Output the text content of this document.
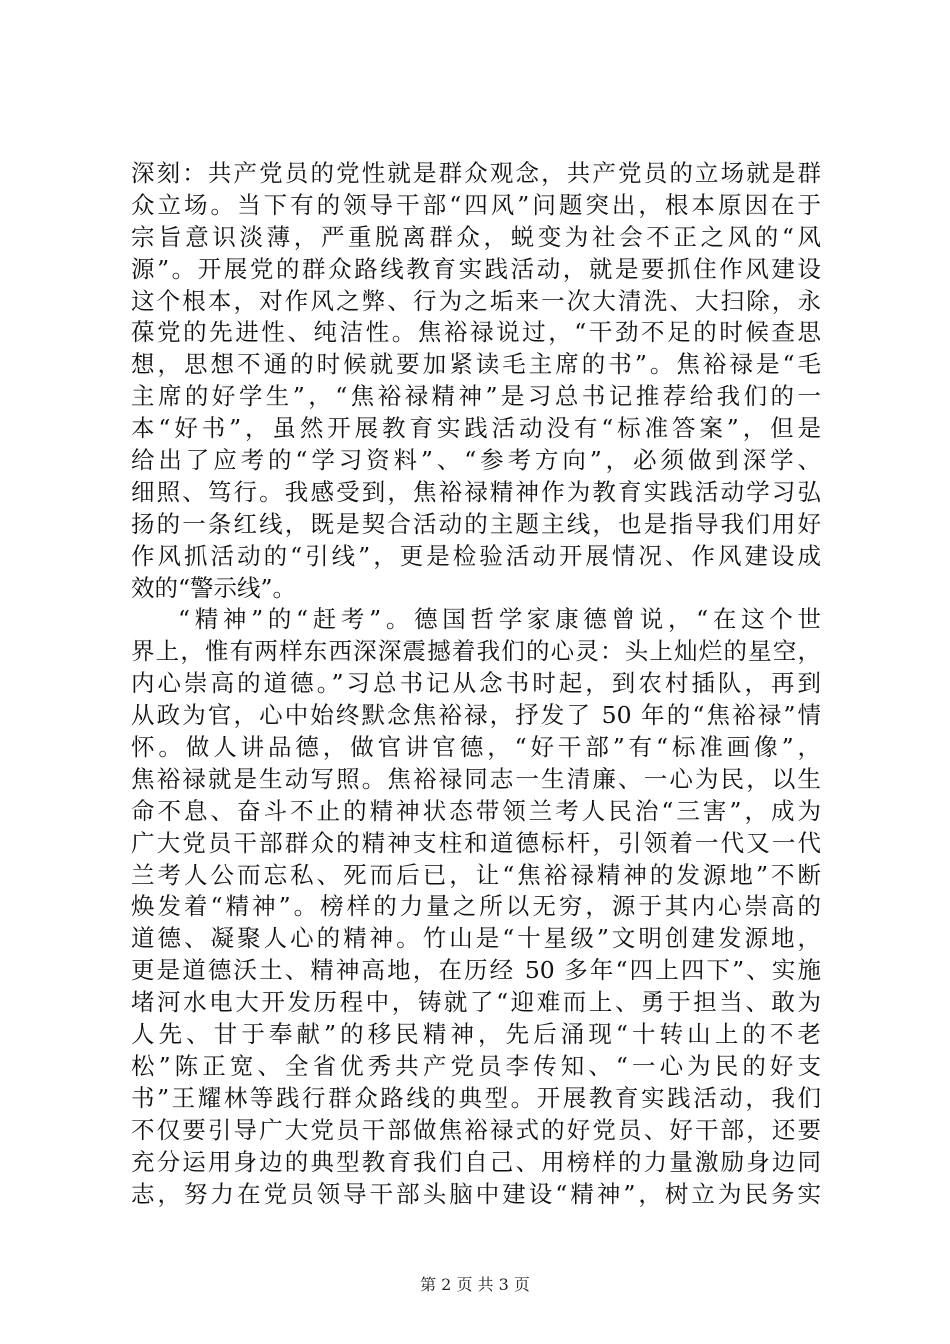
深刻：共产党员的党性就是群众观念，共产党员的立场就是群
众立场。当下有的领导干部“四风”问题突出，根本原因在于
宗旨意识淡薄，严重脱离群众，蜕变为社会不正之风的“风
源”。开展党的群众路线教育实践活动，就是要抓住作风建设
这个根本，对作风之弊、行为之垢来一次大清洗、大扫除，永
葆党的先进性、纯洁性。焦裕禄说过，“干劲不足的时候查思
想，思想不通的时候就要加紧读毛主席的书”。焦裕禄是“毛
主席的好学生”，“焦裕禄精神”是习总书记推荐给我们的一
本“好书”，虽然开展教育实践活动没有“标准答案”，但是
给出了应考的“学习资料”、“参考方向”，必须做到深学、
细照、笃行。我感受到，焦裕禄精神作为教育实践活动学习弘
扬的一条红线，既是契合活动的主题主线，也是指导我们用好
作风抓活动的“引线”，更是检验活动开展情况、作风建设成
效的“警示线”。
“精神”的“赶考”。德国哲学家康德曾说，“在这个世
界上，惟有两样东西深深震撼着我们的心灵：头上灿烂的星空，
内心崇高的道德。”习总书记从念书时起，到农村插队，再到
从政为官，心中始终默念焦裕禄，抒发了 50 年的“焦裕禄”情
怀。做人讲品德，做官讲官德，“好干部”有“标准画像”，
焦裕禄就是生动写照。焦裕禄同志一生清廉、一心为民，以生
命不息、奋斗不止的精神状态带领兰考人民治“三害”，成为
广大党员干部群众的精神支柱和道德标杆，引领着一代又一代
兰考人公而忘私、死而后已，让“焦裕禄精神的发源地”不断
焕发着“精神”。榜样的力量之所以无穷，源于其内心崇高的
道德、凝聚人心的精神。竹山是“十星级”文明创建发源地，
更是道德沃土、精神高地，在历经 50 多年“四上四下”、实施
堵河水电大开发历程中，铸就了“迎难而上、勇于担当、敢为
人先、甘于奉献”的移民精神，先后涌现“十转山上的不老
松”陈正宽、全省优秀共产党员李传知、“一心为民的好支
书”王耀林等践行群众路线的典型。开展教育实践活动，我们
不仅要引导广大党员干部做焦裕禄式的好党员、好干部，还要
充分运用身边的典型教育我们自己、用榜样的力量激励身边同
志，努力在党员领导干部头脑中建设“精神”，树立为民务实
第 2 页 共 3 页
